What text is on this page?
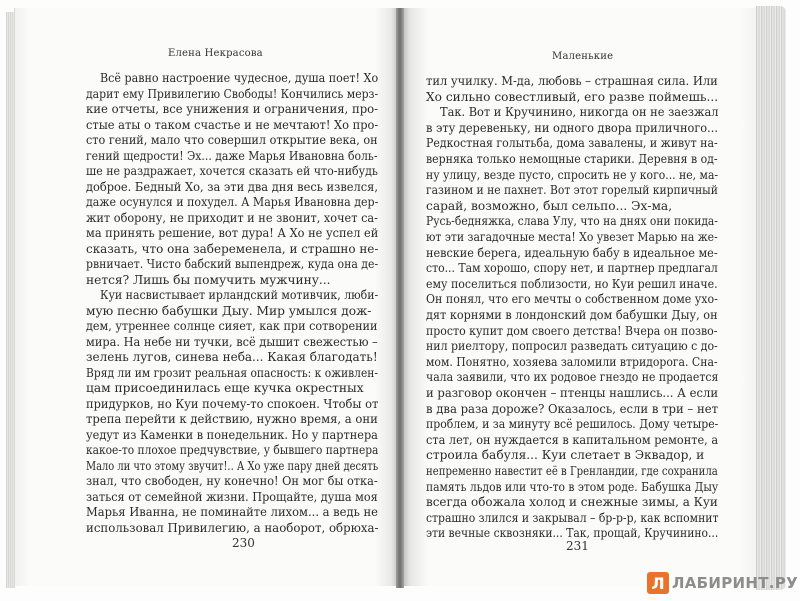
Елена Некрасова	Маленькие
Всё равно настроение чудесное, душа поет! Хо
дарит ему Привилегию Свободы! Кончились мерз-
кие отчеты, все унижения и ограничения, про-
стые аты о таком счастье и не мечтают! Хо про-
сто гений, мало что совершил открытие века, он
гений щедрости! Эх... даже Марья Ивановна боль-
ше не раздражает, хочется сказать ей что-нибудь
доброе. Бедный Хо, за эти два дня весь извелся,
даже осунулся и похудел. А Марья Ивановна дер-
жит оборону, не приходит и не звонит, хочет са-
ма принять решение, вот дура! А Хо не успел ей
сказать, что она забеременела, и страшно не-
рвничает. Чисто бабский выпендреж, куда она де-
нется? Лишь бы помучить мужчину...
Куи насвистывает ирландский мотивчик, люби-
мую песню бабушки Дыу. Мир умылся дож-
дем, утреннее солнце сияет, как при сотворении
мира. На небе ни тучки, всё дышит свежестью –
зелень лугов, синева неба... Какая благодать!
Вряд ли им грозит реальная опасность: к оживлен-
цам присоединилась еще кучка окрестных
придурков, но Куи почему-то спокоен. Чтобы от
трепа перейти к действию, нужно время, а они
уедут из Каменки в понедельник. Но у партнера
какое-то плохое предчувствие, у бывшего партнера
Мало ли что этому звучит!.. А Хо уже пару дней десять
знал, что свободен, ну конечно! Он мог бы отка-
заться от семейной жизни. Прощайте, душа моя
Марья Иванна, не поминайте лихом... а ведь не
использовал Привилегию, а наоборот, обрюха-
тил училку. М-да, любовь – страшная сила. Или
Хо сильно совестливый, его разве поймешь...
Так. Вот и Кручинино, никогда он не заезжал
в эту деревеньку, ни одного двора приличного...
Редкостная голытьба, дома завалены, и живут на-
верняка только немощные старики. Деревня в од-
ну улицу, везде пусто, спросить не у кого... не, ма-
газином и не пахнет. Вот этот горелый кирпичный
сарай, возможно, был сельпо... Эх-ма,
Русь-бедняжка, слава Улу, что на днях они покида-
ют эти загадочные места! Хо увезет Марью на же-
невские берега, идеальную бабу в идеальное ме-
сто... Там хорошо, спору нет, и партнер предлагал
ему поселиться поблизости, но Куи решил иначе.
Он понял, что его мечты о собственном доме ухо-
дят корнями в лондонский дом бабушки Дыу, он
просто купит дом своего детства! Вчера он позво-
нил риелтору, попросил разведать ситуацию с до-
мом. Понятно, хозяева заломили втридорога. Сна-
чала заявили, что их родовое гнездо не продается
и разговор окончен – птенцы нашлись... А если
в два раза дороже? Оказалось, если в три – нет
проблем, и за минуту всё решилось. Дому четыре-
ста лет, он нуждается в капитальном ремонте, а
строила бабуля... Куи слетает в Эквадор, и
непременно навестит её в Гренландии, где сохранила
память льдов или что-то в этом роде. Бабушка Дыу
всегда обожала холод и снежные зимы, а Куи
страшно злился и закрывал – бр-р-р, как вспомнит
эти вечные сквозняки... Так, прощай, Кручинино...
230	231
Л ЛАБИРИНТ.РУ
